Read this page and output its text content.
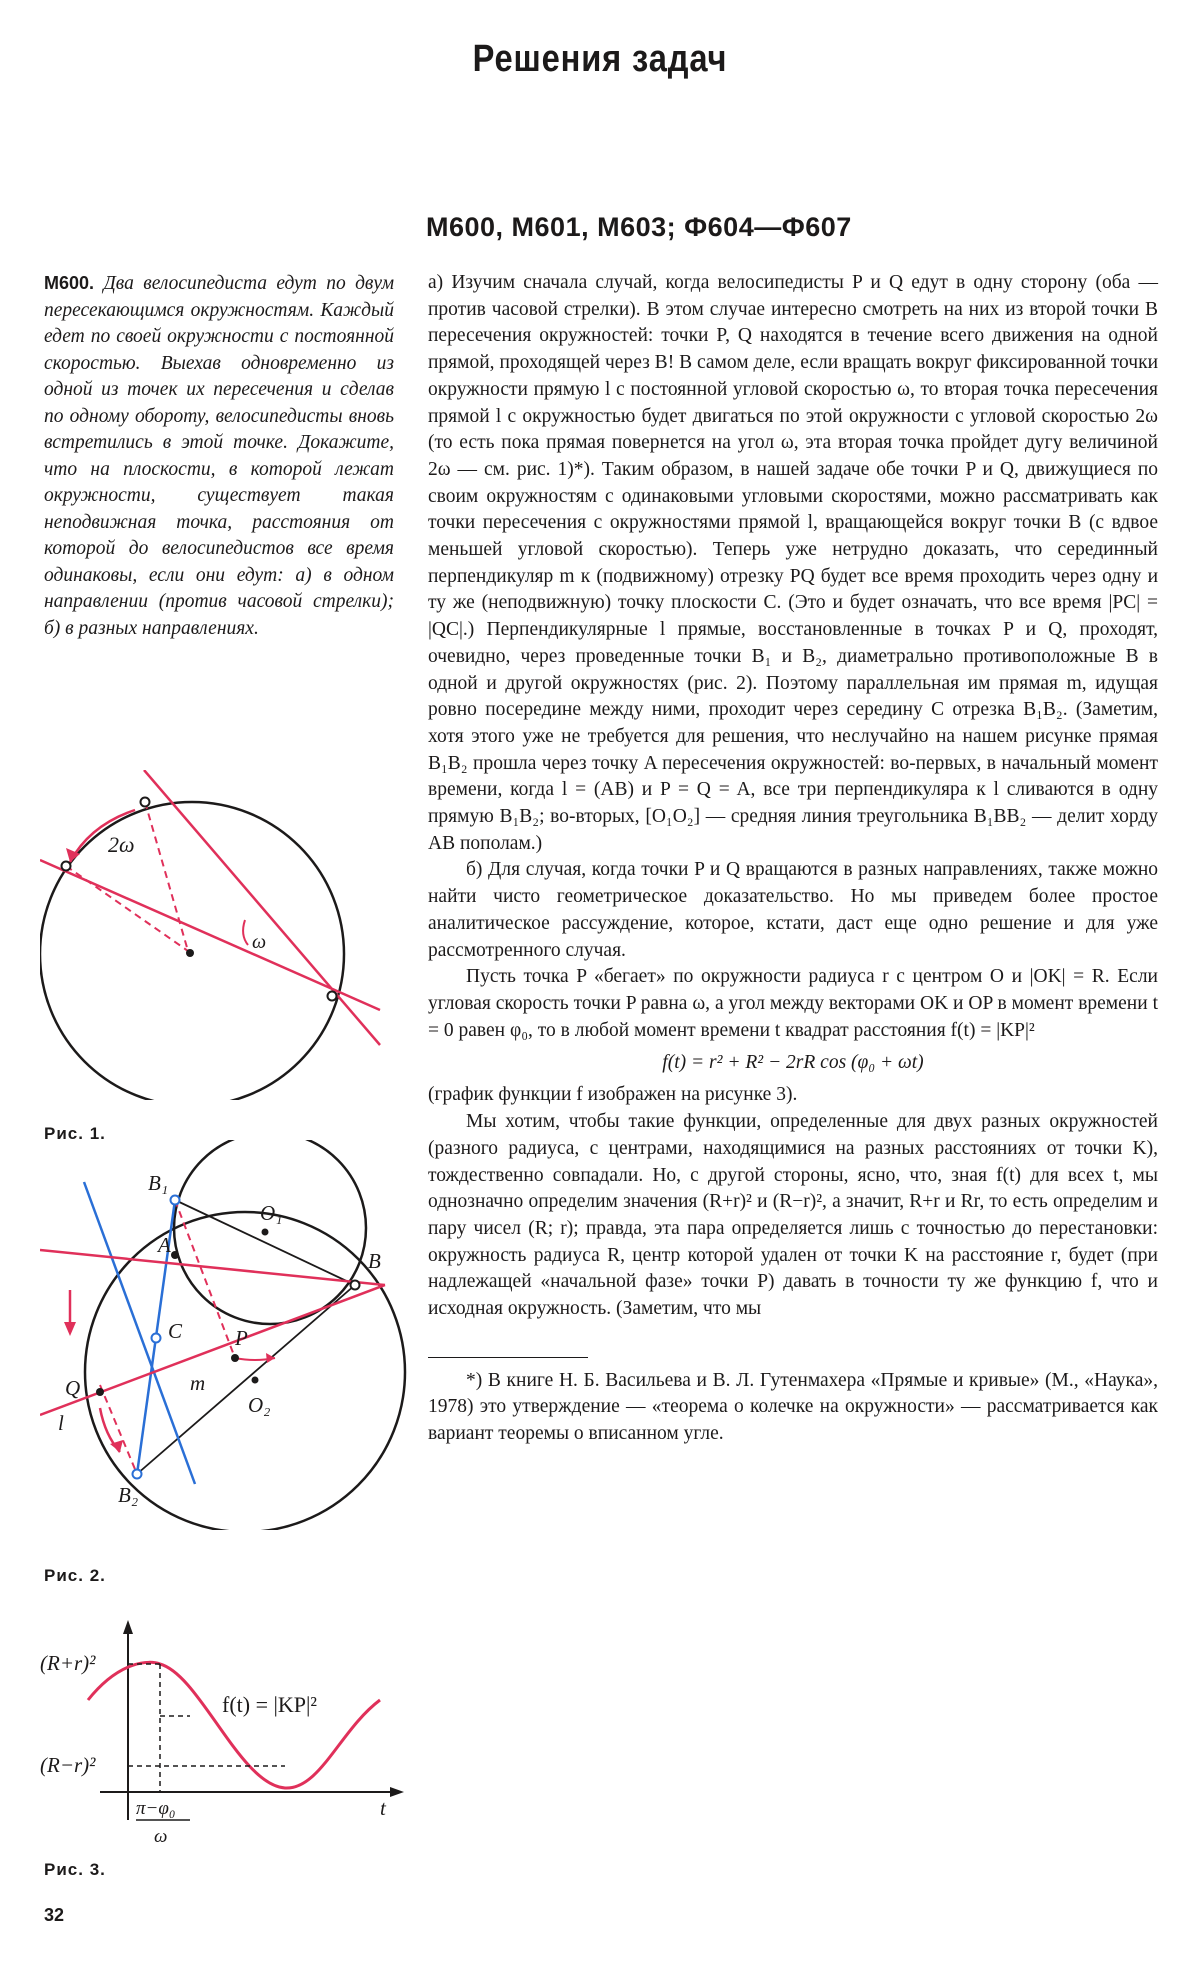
Решения задач
М600, М601, М603; Ф604—Ф607

М600. Два велосипедиста едут по двум пересекающимся окружностям. Каждый едет по своей окружности с постоянной скоростью. Выехав одновременно из одной из точек их пересечения и сделав по одному обороту, велосипедисты вновь встретились в этой точке. Докажите, что на плоскости, в которой лежат окружности, существует такая неподвижная точка, расстояния от которой до велосипедистов все время одинаковы, если они едут: а) в одном направлении (против часовой стрелки); б) в разных направлениях.

2ω
ω
Рис. 1.
B₁
O₁
A
B
P
C
Q	m
O₂
l
B₂
Рис. 2.
(R+r)²
(R−r)²
f(t) = |KP|²
t
π−φ₀
ω
Рис. 3.

а) Изучим сначала случай, когда велосипедисты P и Q едут в одну сторону (оба — против часовой стрелки). В этом случае интересно смотреть на них из второй точки B пересечения окружностей: точки P, Q находятся в течение всего движения на одной прямой, проходящей через B! В самом деле, если вращать вокруг фиксированной точки окружности прямую l с постоянной угловой скоростью ω, то вторая точка пересечения прямой l с окружностью будет двигаться по этой окружности с угловой скоростью 2ω (то есть пока прямая повернется на угол ω, эта вторая точка пройдет дугу величиной 2ω — см. рис. 1)*). Таким образом, в нашей задаче обе точки P и Q, движущиеся по своим окружностям с одинаковыми угловыми скоростями, можно рассматривать как точки пересечения с окружностями прямой l, вращающейся вокруг точки B (с вдвое меньшей угловой скоростью). Теперь уже нетрудно доказать, что серединный перпендикуляр m к (подвижному) отрезку PQ будет все время проходить через одну и ту же (неподвижную) точку плоскости C. (Это и будет означать, что все время |PC| = |QC|.) Перпендикулярные l прямые, восстановленные в точках P и Q, проходят, очевидно, через проведенные точки B₁ и B₂, диаметрально противоположные B в одной и другой окружностях (рис. 2). Поэтому параллельная им прямая m, идущая ровно посередине между ними, проходит через середину C отрезка B₁B₂. (Заметим, хотя этого уже не требуется для решения, что неслучайно на нашем рисунке прямая B₁B₂ прошла через точку A пересечения окружностей: во-первых, в начальный момент времени, когда l = (AB) и P = Q = A, все три перпендикуляра к l сливаются в одну прямую B₁B₂; во-вторых, [O₁O₂] — средняя линия треугольника B₁BB₂ — делит хорду AB пополам.)

б) Для случая, когда точки P и Q вращаются в разных направлениях, также можно найти чисто геометрическое доказательство. Но мы приведем более простое аналитическое рассуждение, которое, кстати, даст еще одно решение и для уже рассмотренного случая.

Пусть точка P «бегает» по окружности радиуса r с центром O и |OK| = R. Если угловая скорость точки P равна ω, а угол между векторами OK и OP в момент времени t = 0 равен φ₀, то в любой момент времени t квадрат расстояния f(t) = |KP|²

f(t) = r² + R² − 2rR cos (φ₀ + ωt)

(график функции f изображен на рисунке 3).

Мы хотим, чтобы такие функции, определенные для двух разных окружностей (разного радиуса, с центрами, находящимися на разных расстояниях от точки K), тождественно совпадали. Но, с другой стороны, ясно, что, зная f(t) для всех t, мы однозначно определим значения (R+r)² и (R−r)², а значит, R+r и Rr, то есть определим и пару чисел (R; r); правда, эта пара определяется лишь с точностью до перестановки: окружность радиуса R, центр которой удален от точки K на расстояние r, будет (при надлежащей «начальной фазе» точки P) давать в точности ту же функцию f, что и исходная окружность. (Заметим, что мы

*) В книге Н. Б. Васильева и В. Л. Гутенмахера «Прямые и кривые» (М., «Наука», 1978) это утверждение — «теорема о колечке на окружности» — рассматривается как вариант теоремы о вписанном угле.

32
